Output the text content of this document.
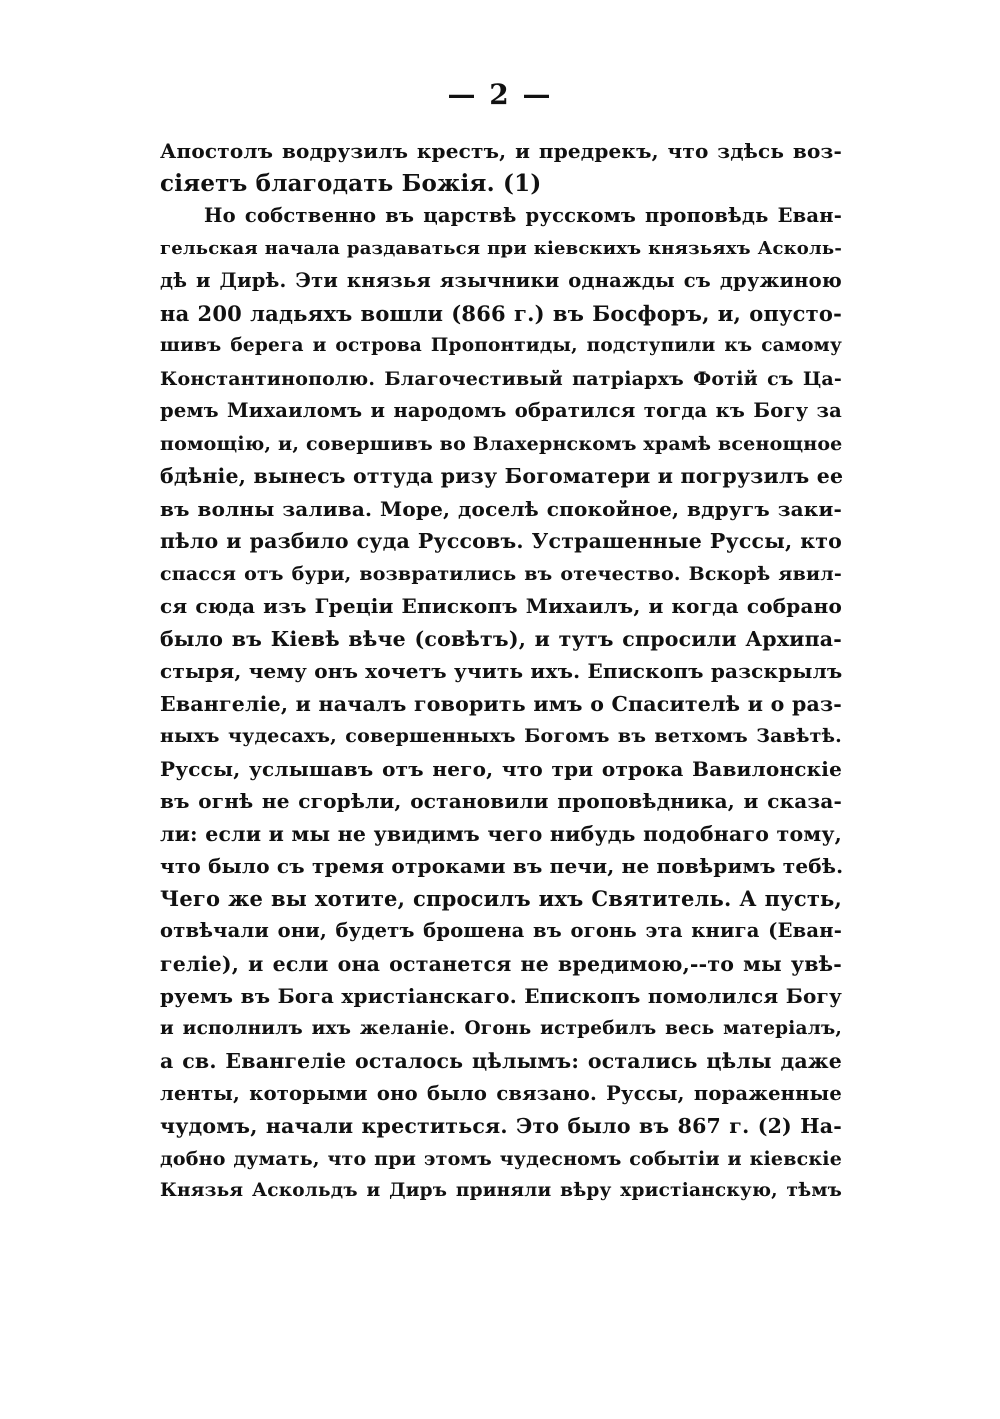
— 2 —
Апостолъ водрузилъ крестъ, и предрекъ, что здѣсь воз-
сіяетъ благодать Божія. (1)
Но собственно въ царствѣ русскомъ проповѣдь Еван-
гельская начала раздаваться при кіевскихъ князьяхъ Асколь-
дѣ и Дирѣ. Эти князья язычники однажды съ дружиною
на 200 ладьяхъ вошли (866 г.) въ Босфоръ, и, опусто-
шивъ берега и острова Пропонтиды, подступили къ самому
Константинополю. Благочестивый патріархъ Фотій съ Ца-
ремъ Михаиломъ и народомъ обратился тогда къ Богу за
помощію, и, совершивъ во Влахернскомъ храмѣ всенощное
бдѣніе, вынесъ оттуда ризу Богоматери и погрузилъ ее
въ волны залива. Море, доселѣ спокойное, вдругъ заки-
пѣло и разбило суда Руссовъ. Устрашенные Руссы, кто
спасся отъ бури, возвратились въ отечество. Вскорѣ явил-
ся сюда изъ Греціи Епископъ Михаилъ, и когда собрано
было въ Кіевѣ вѣче (совѣтъ), и тутъ спросили Архипа-
стыря, чему онъ хочетъ учить ихъ. Епископъ разскрылъ
Евангеліе, и началъ говорить имъ о Спасителѣ и о раз-
ныхъ чудесахъ, совершенныхъ Богомъ въ ветхомъ Завѣтѣ.
Руссы, услышавъ отъ него, что три отрока Вавилонскіе
въ огнѣ не сгорѣли, остановили проповѣдника, и сказа-
ли: если и мы не увидимъ чего нибудь подобнаго тому,
что было съ тремя отроками въ печи, не повѣримъ тебѣ.
Чего же вы хотите, спросилъ ихъ Святитель. А пусть,
отвѣчали они, будетъ брошена въ огонь эта книга (Еван-
геліе), и если она останется не вредимою,--то мы увѣ-
руемъ въ Бога христіанскаго. Епископъ помолился Богу
и исполнилъ ихъ желаніе. Огонь истребилъ весь матеріалъ,
а св. Евангеліе осталось цѣлымъ: остались цѣлы даже
ленты, которыми оно было связано. Руссы, пораженные
чудомъ, начали креститься. Это было въ 867 г. (2) На-
добно думать, что при этомъ чудесномъ событіи и кіевскіе
Князья Аскольдъ и Диръ приняли вѣру христіанскую, тѣмъ
